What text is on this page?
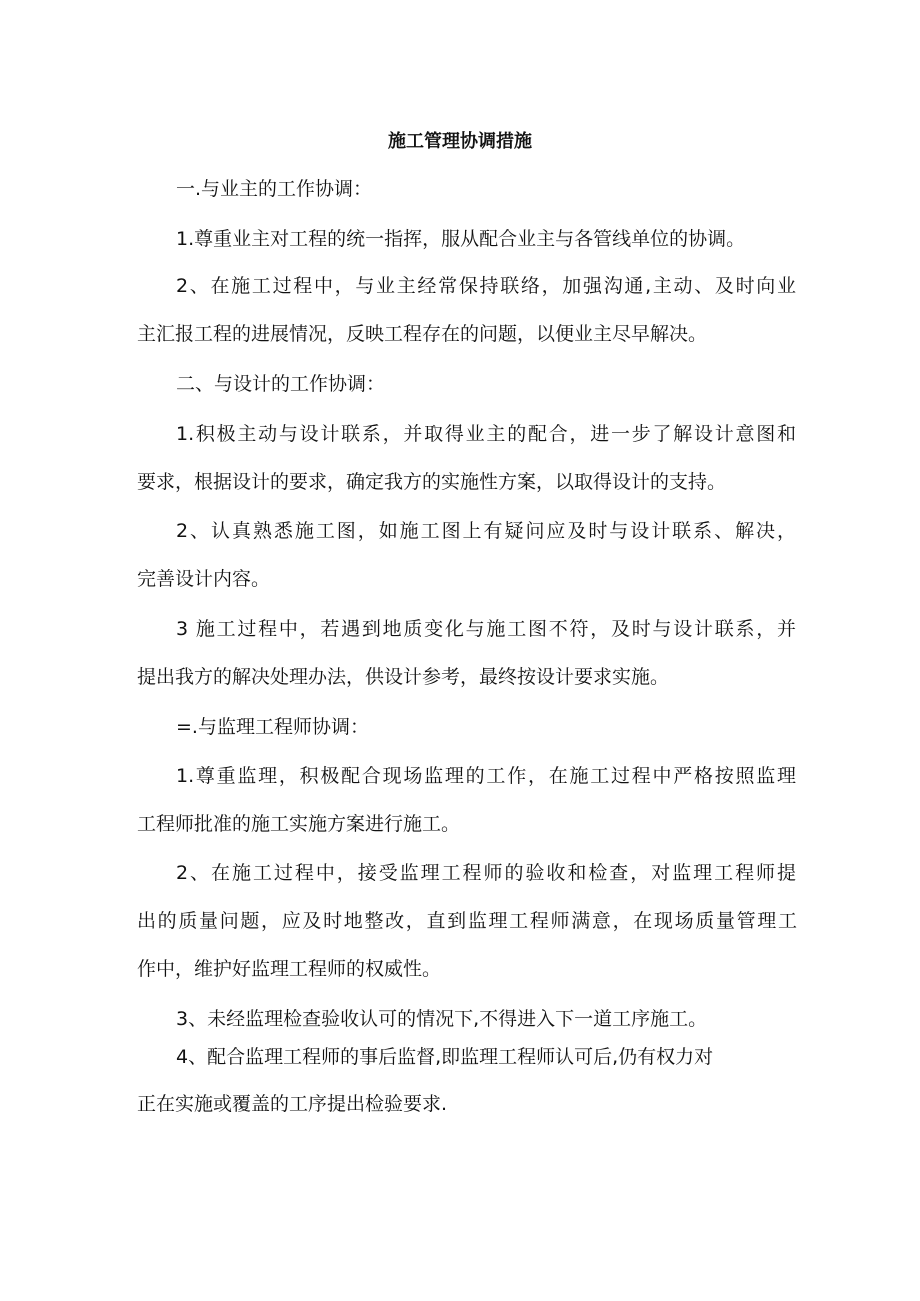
施工管理协调措施

一.与业主的工作协调：

1.尊重业主对工程的统一指挥，服从配合业主与各管线单位的协调。

2、在施工过程中，与业主经常保持联络，加强沟通,主动、及时向业

主汇报工程的进展情况，反映工程存在的问题，以便业主尽早解决。

二、与设计的工作协调：

1.积极主动与设计联系，并取得业主的配合，进一步了解设计意图和

要求，根据设计的要求，确定我方的实施性方案，以取得设计的支持。

2、认真熟悉施工图，如施工图上有疑问应及时与设计联系、解决，

完善设计内容。

3 施工过程中，若遇到地质变化与施工图不符，及时与设计联系，并

提出我方的解决处理办法，供设计参考，最终按设计要求实施。

=.与监理工程师协调：

1.尊重监理，积极配合现场监理的工作，在施工过程中严格按照监理

工程师批准的施工实施方案进行施工。

2、在施工过程中，接受监理工程师的验收和检查，对监理工程师提

出的质量问题，应及时地整改，直到监理工程师满意，在现场质量管理工

作中，维护好监理工程师的权威性。

3、未经监理检查验收认可的情况下,不得进入下一道工序施工。

4、配合监理工程师的事后监督,即监理工程师认可后,仍有权力对

正在实施或覆盖的工序提出检验要求.
